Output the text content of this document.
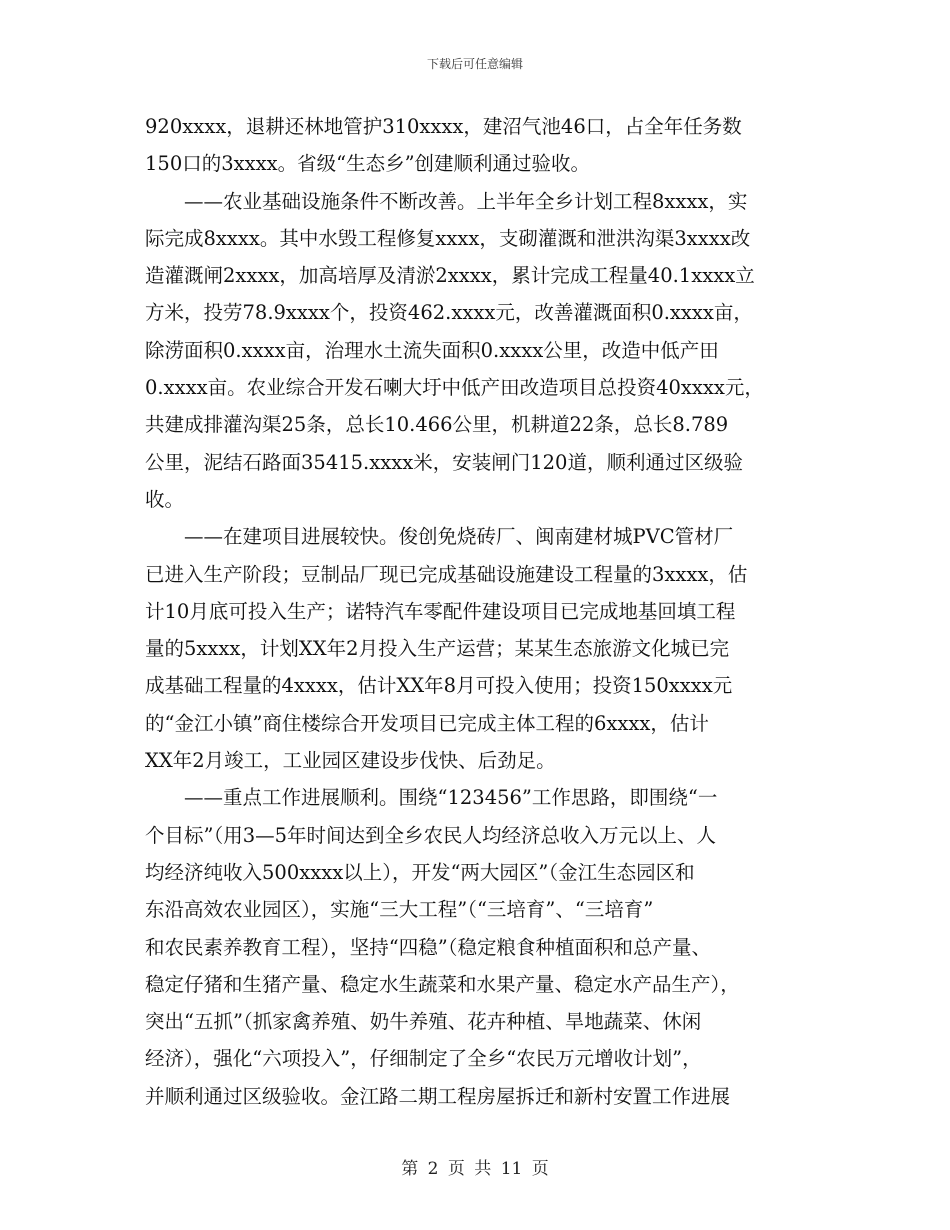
下载后可任意编辑
920xxxx，退耕还林地管护310xxxx，建沼气池46口，占全年任务数
150口的3xxxx。省级“生态乡”创建顺利通过验收。
——农业基础设施条件不断改善。上半年全乡计划工程8xxxx，实
际完成8xxxx。其中水毁工程修复xxxx，支砌灌溉和泄洪沟渠3xxxx改
造灌溉闸2xxxx，加高培厚及清淤2xxxx，累计完成工程量40.1xxxx立
方米，投劳78.9xxxx个，投资462.xxxx元，改善灌溉面积0.xxxx亩，
除涝面积0.xxxx亩，治理水土流失面积0.xxxx公里，改造中低产田
0.xxxx亩。农业综合开发石喇大圩中低产田改造项目总投资40xxxx元，
共建成排灌沟渠25条，总长10.466公里，机耕道22条，总长8.789
公里，泥结石路面35415.xxxx米，安装闸门120道，顺利通过区级验
收。
——在建项目进展较快。俊创免烧砖厂、闽南建材城PVC管材厂
已进入生产阶段；豆制品厂现已完成基础设施建设工程量的3xxxx，估
计10月底可投入生产；诺特汽车零配件建设项目已完成地基回填工程
量的5xxxx，计划XX年2月投入生产运营；某某生态旅游文化城已完
成基础工程量的4xxxx，估计XX年8月可投入使用；投资150xxxx元
的“金江小镇”商住楼综合开发项目已完成主体工程的6xxxx，估计
XX年2月竣工，工业园区建设步伐快、后劲足。
——重点工作进展顺利。围绕“123456”工作思路，即围绕“一
个目标”（用3—5年时间达到全乡农民人均经济总收入万元以上、人
均经济纯收入500xxxx以上），开发“两大园区”（金江生态园区和
东沿高效农业园区），实施“三大工程”（“三培育”、“三培育”
和农民素养教育工程），坚持“四稳”（稳定粮食种植面积和总产量、
稳定仔猪和生猪产量、稳定水生蔬菜和水果产量、稳定水产品生产），
突出“五抓”（抓家禽养殖、奶牛养殖、花卉种植、旱地蔬菜、休闲
经济），强化“六项投入”，仔细制定了全乡“农民万元增收计划”，
并顺利通过区级验收。金江路二期工程房屋拆迁和新村安置工作进展
第 2 页 共 11 页
